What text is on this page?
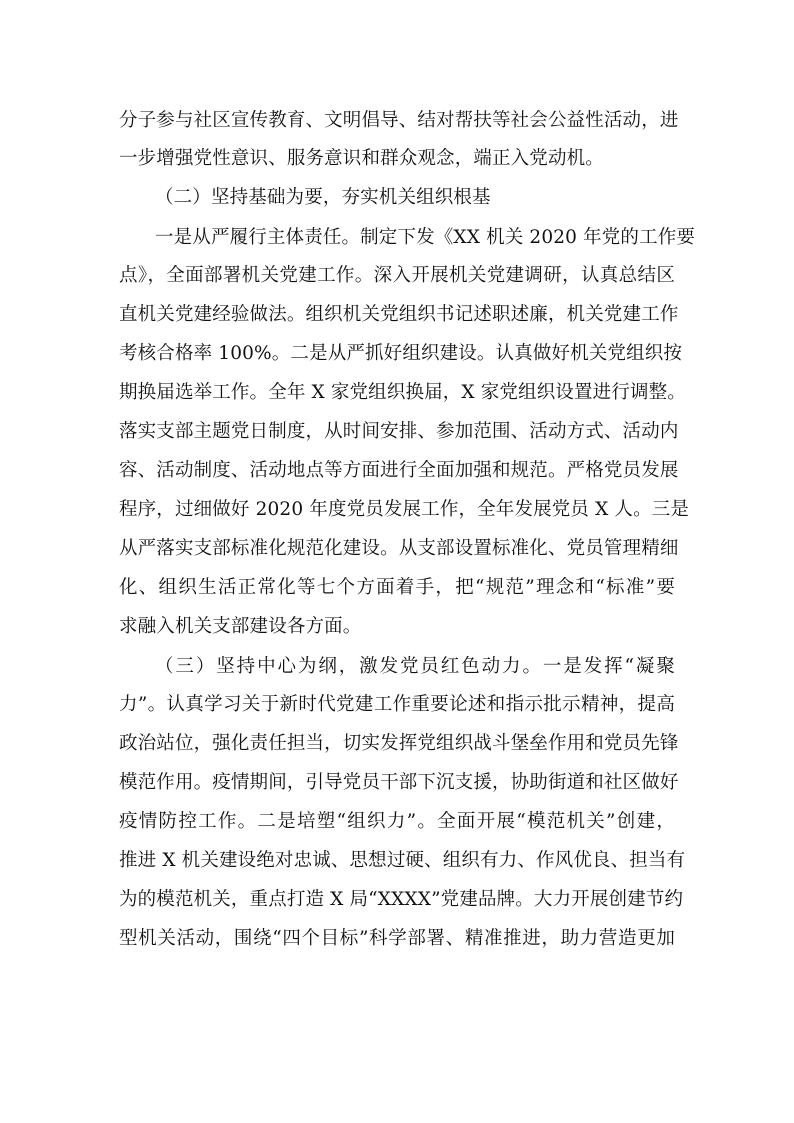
分子参与社区宣传教育、文明倡导、结对帮扶等社会公益性活动，进
一步增强党性意识、服务意识和群众观念，端正入党动机。
（二）坚持基础为要，夯实机关组织根基
一是从严履行主体责任。制定下发《XX 机关 2020 年党的工作要
点》，全面部署机关党建工作。深入开展机关党建调研，认真总结区
直机关党建经验做法。组织机关党组织书记述职述廉，机关党建工作
考核合格率 100%。二是从严抓好组织建设。认真做好机关党组织按
期换届选举工作。全年 X 家党组织换届，X 家党组织设置进行调整。
落实支部主题党日制度，从时间安排、参加范围、活动方式、活动内
容、活动制度、活动地点等方面进行全面加强和规范。严格党员发展
程序，过细做好 2020 年度党员发展工作，全年发展党员 X 人。三是
从严落实支部标准化规范化建设。从支部设置标准化、党员管理精细
化、组织生活正常化等七个方面着手，把“规范”理念和“标准”要
求融入机关支部建设各方面。
（三）坚持中心为纲，激发党员红色动力。一是发挥“凝聚
力”。认真学习关于新时代党建工作重要论述和指示批示精神，提高
政治站位，强化责任担当，切实发挥党组织战斗堡垒作用和党员先锋
模范作用。疫情期间，引导党员干部下沉支援，协助街道和社区做好
疫情防控工作。二是培塑“组织力”。全面开展“模范机关”创建，
推进 X 机关建设绝对忠诚、思想过硬、组织有力、作风优良、担当有
为的模范机关，重点打造 X 局“XXXX”党建品牌。大力开展创建节约
型机关活动，围绕“四个目标”科学部署、精准推进，助力营造更加
